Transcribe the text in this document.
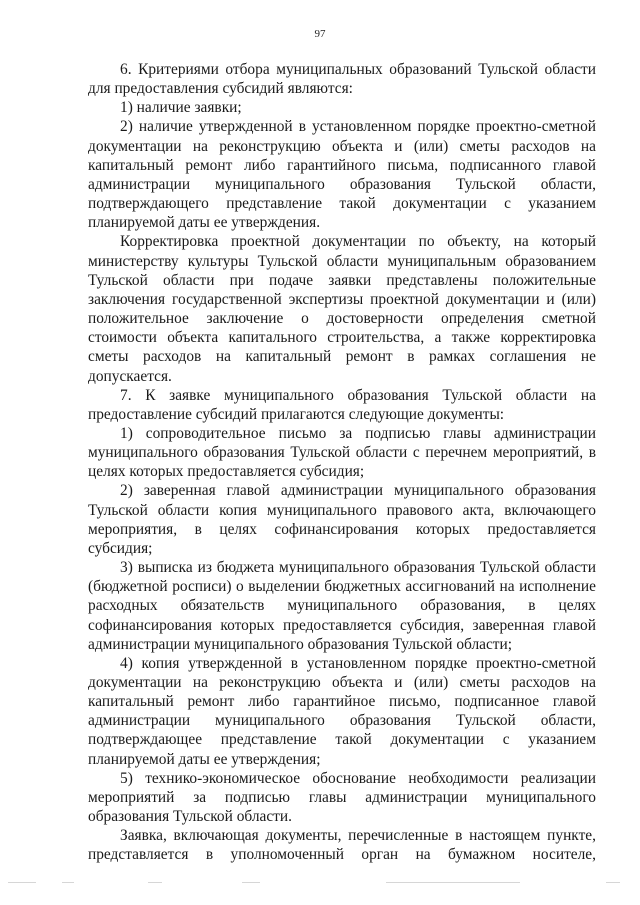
97

6. Критериями отбора муниципальных образований Тульской области для предоставления субсидий являются:

1) наличие заявки;

2) наличие утвержденной в установленном порядке проектно-сметной документации на реконструкцию объекта и (или) сметы расходов на капитальный ремонт либо гарантийного письма, подписанного главой администрации муниципального образования Тульской области, подтверждающего представление такой документации с указанием планируемой даты ее утверждения.

Корректировка проектной документации по объекту, на который министерству культуры Тульской области муниципальным образованием Тульской области при подаче заявки представлены положительные заключения государственной экспертизы проектной документации и (или) положительное заключение о достоверности определения сметной стоимости объекта капитального строительства, а также корректировка сметы расходов на капитальный ремонт в рамках соглашения не допускается.

7. К заявке муниципального образования Тульской области на предоставление субсидий прилагаются следующие документы:

1) сопроводительное письмо за подписью главы администрации муниципального образования Тульской области с перечнем мероприятий, в целях которых предоставляется субсидия;

2) заверенная главой администрации муниципального образования Тульской области копия муниципального правового акта, включающего мероприятия, в целях софинансирования которых предоставляется субсидия;

3) выписка из бюджета муниципального образования Тульской области (бюджетной росписи) о выделении бюджетных ассигнований на исполнение расходных обязательств муниципального образования, в целях софинансирования которых предоставляется субсидия, заверенная главой администрации муниципального образования Тульской области;

4) копия утвержденной в установленном порядке проектно-сметной документации на реконструкцию объекта и (или) сметы расходов на капитальный ремонт либо гарантийное письмо, подписанное главой администрации муниципального образования Тульской области, подтверждающее представление такой документации с указанием планируемой даты ее утверждения;

5) технико-экономическое обоснование необходимости реализации мероприятий за подписью главы администрации муниципального образования Тульской области.

Заявка, включающая документы, перечисленные в настоящем пункте, представляется в уполномоченный орган на бумажном носителе,
